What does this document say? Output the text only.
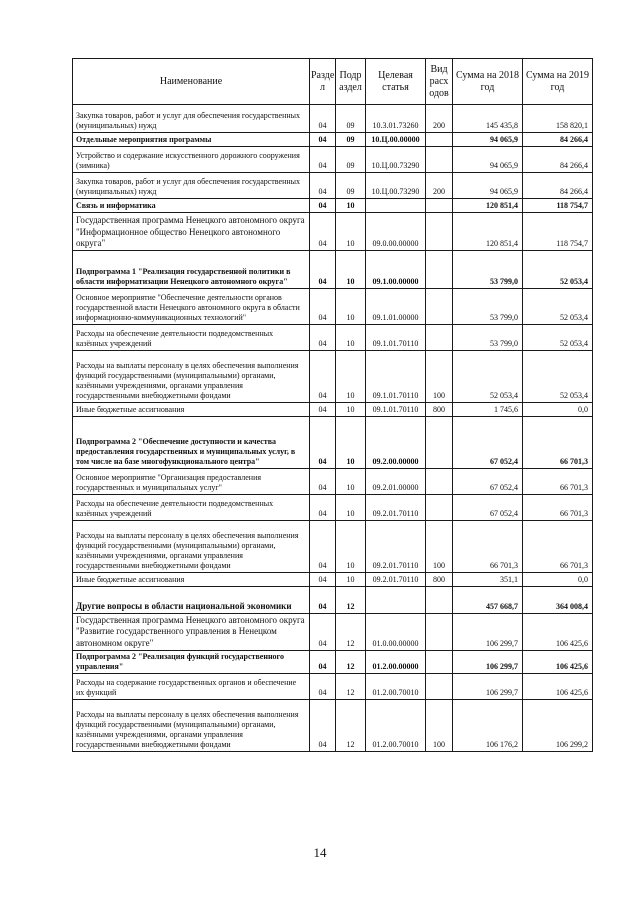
Наименование	Разде л	Подр аздел	Целевая статья	Вид расх одов	Сумма на 2018 год	Сумма на 2019 год
Закупка товаров, работ и услуг для обеспечения государственных (муниципальных) нужд	04	09	10.3.01.73260	200	145 435,8	158 820,1
Отдельные мероприятия программы	04	09	10.Ц.00.00000		94 065,9	84 266,4
Устройство и содержание искусственного дорожного сооружения (зимника)	04	09	10.Ц.00.73290		94 065,9	84 266,4
Закупка товаров, работ и услуг для обеспечения государственных (муниципальных) нужд	04	09	10.Ц.00.73290	200	94 065,9	84 266,4
Связь и информатика	04	10			120 851,4	118 754,7
Государственная программа Ненецкого автономного округа "Информационное общество Ненецкого автономного округа"	04	10	09.0.00.00000		120 851,4	118 754,7
Подпрограмма 1 "Реализация государственной политики в области информатизации Ненецкого автономного округа"	04	10	09.1.00.00000		53 799,0	52 053,4
Основное мероприятие "Обеспечение деятельности органов государственной власти Ненецкого автономного округа в области информационно-коммуникационных технологий"	04	10	09.1.01.00000		53 799,0	52 053,4
Расходы на обеспечение деятельности подведомственных казённых учреждений	04	10	09.1.01.70110		53 799,0	52 053,4
Расходы на выплаты персоналу в целях обеспечения выполнения функций государственными (муниципальными) органами, казёнными учреждениями, органами управления государственными внебюджетными фондами	04	10	09.1.01.70110	100	52 053,4	52 053,4
Иные бюджетные ассигнования	04	10	09.1.01.70110	800	1 745,6	0,0
Подпрограмма 2 "Обеспечение доступности и качества предоставления государственных и муниципальных услуг, в том числе на базе многофункционального центра"	04	10	09.2.00.00000		67 052,4	66 701,3
Основное мероприятие "Организация предоставления государственных и муниципальных услуг"	04	10	09.2.01.00000		67 052,4	66 701,3
Расходы на обеспечение деятельности подведомственных казённых учреждений	04	10	09.2.01.70110		67 052,4	66 701,3
Расходы на выплаты персоналу в целях обеспечения выполнения функций государственными (муниципальными) органами, казёнными учреждениями, органами управления государственными внебюджетными фондами	04	10	09.2.01.70110	100	66 701,3	66 701,3
Иные бюджетные ассигнования	04	10	09.2.01.70110	800	351,1	0,0
Другие вопросы в области национальной экономики	04	12			457 668,7	364 008,4
Государственная программа Ненецкого автономного округа "Развитие государственного управления в Ненецком автономном округе"	04	12	01.0.00.00000		106 299,7	106 425,6
Подпрограмма 2 "Реализация функций государственного управления"	04	12	01.2.00.00000		106 299,7	106 425,6
Расходы на содержание государственных органов и обеспечение их функций	04	12	01.2.00.70010		106 299,7	106 425,6
Расходы на выплаты персоналу в целях обеспечения выполнения функций государственными (муниципальными) органами, казёнными учреждениями, органами управления государственными внебюджетными фондами	04	12	01.2.00.70010	100	106 176,2	106 299,2
14
